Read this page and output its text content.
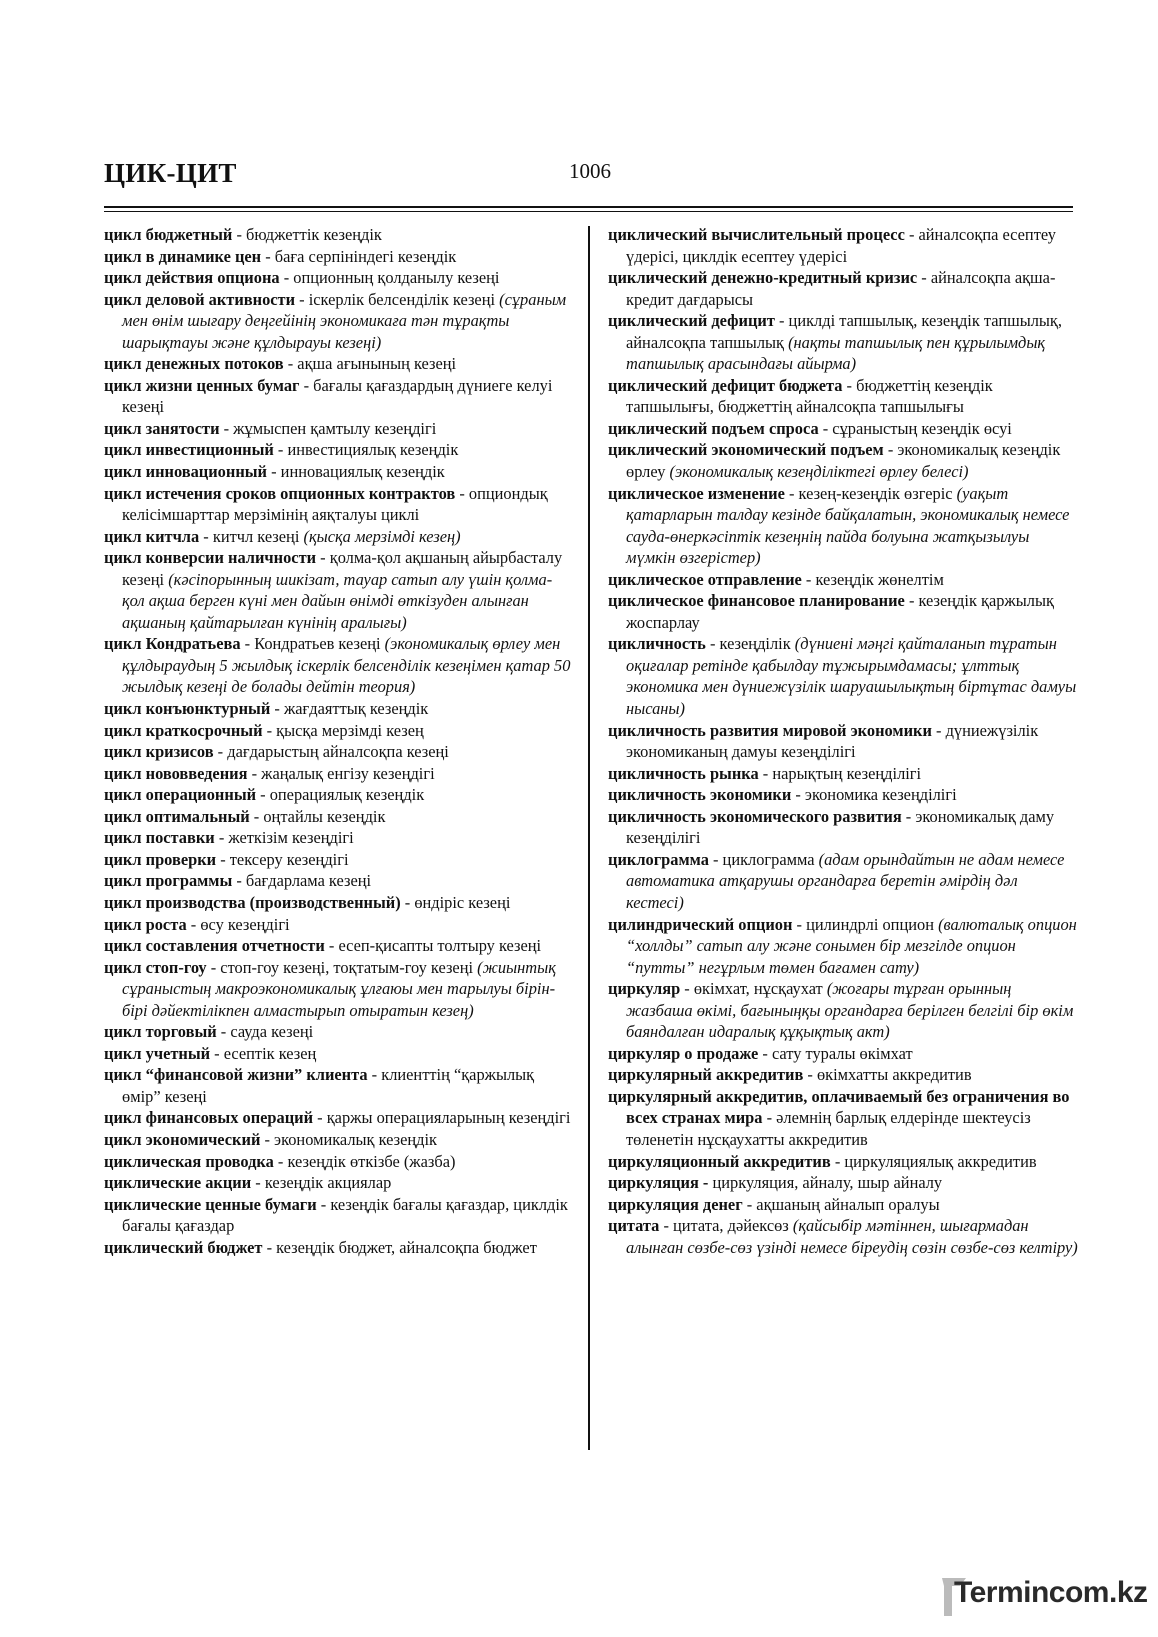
ЦИК-ЦИТ	1006

цикл бюджетный - бюджеттік кезеңдік

цикл в динамике цен - баға серпініндегі кезеңдік

цикл действия опциона - опционның қолданылу кезеңі

цикл деловой активности - іскерлік белсенділік кезеңі (сұраным мен өнім шығару деңгейінің экономикаға тән тұрақты шарықтауы және құлдырауы кезеңі)

цикл денежных потоков - ақша ағынының кезеңі

цикл жизни ценных бумаг - бағалы қағаздардың дүниеге келуі кезеңі

цикл занятости - жұмыспен қамтылу кезеңдігі

цикл инвестиционный - инвестициялық кезеңдік

цикл инновационный - инновациялық кезеңдік

цикл истечения сроков опционных контрактов - опциондық келісімшарттар мерзімінің аяқталуы циклі

цикл китчла - китчл кезеңі (қысқа мерзімді кезең)

цикл конверсии наличности - қолма-қол ақшаның айырбасталу кезеңі (кәсіпорынның шикізат, тауар сатып алу үшін қолма-қол ақша берген күні мен дайын өнімді өткізуден алынған ақшаның қайтарылған күнінің аралығы)

цикл Кондратьева - Кондратьев кезеңі (экономикалық өрлеу мен құлдыраудың 5 жылдық іскерлік белсенділік кезеңімен қатар 50 жылдық кезеңі де болады дейтін теория)

цикл конъюнктурный - жағдаяттық кезеңдік

цикл краткосрочный - қысқа мерзімді кезең

цикл кризисов - дағдарыстың айналсоқпа кезеңі

цикл нововведения - жаңалық енгізу кезеңдігі

цикл операционный - операциялық кезеңдік

цикл оптимальный - оңтайлы кезеңдік

цикл поставки - жеткізім кезеңдігі

цикл проверки - тексеру кезеңдігі

цикл программы - бағдарлама кезеңі

цикл производства (производственный) - өндіріс кезеңі

цикл роста - өсу кезеңдігі

цикл составления отчетности - есеп-қисапты толтыру кезеңі

цикл стоп-гоу - стоп-гоу кезеңі, тоқтатым-гоу кезеңі (жиынтық сұраныстың макроэкономикалық ұлғаюы мен тарылуы бірін-бірі дәйектілікпен алмастырып отыратын кезең)

цикл торговый - сауда кезеңі

цикл учетный - есептік кезең

цикл “финансовой жизни” клиента - клиенттің “қаржылық өмір” кезеңі

цикл финансовых операций - қаржы операцияларының кезеңдігі

цикл экономический - экономикалық кезеңдік

циклическая проводка - кезеңдік өткізбе (жазба)

циклические акции - кезеңдік акциялар

циклические ценные бумаги - кезеңдік бағалы қағаздар, циклдік бағалы қағаздар

циклический бюджет - кезеңдік бюджет, айналсоқпа бюджет

циклический вычислительный процесс - айналсоқпа есептеу үдерісі, циклдік есептеу үдерісі

циклический денежно-кредитный кризис - айналсоқпа ақша-кредит дағдарысы

циклический дефицит - циклді тапшылық, кезеңдік тапшылық, айналсоқпа тапшылық (нақты тапшылық пен құрылымдық тапшылық арасындағы айырма)

циклический дефицит бюджета - бюджеттің кезеңдік тапшылығы, бюджеттің айналсоқпа тапшылығы

циклический подъем спроса - сұраныстың кезеңдік өсуі

циклический экономический подъем - экономикалық кезеңдік өрлеу (экономикалық кезеңділіктегі өрлеу белесі)

циклическое изменение - кезең-кезеңдік өзгеріс (уақыт қатарларын талдау кезінде байқалатын, экономикалық немесе сауда-өнеркәсіптік кезеңнің пайда болуына жатқызылуы мүмкін өзгерістер)

циклическое отправление - кезеңдік жөнелтім

циклическое финансовое планирование - кезеңдік қаржылық жоспарлау

цикличность - кезеңділік (дүниені мәңгі қайталанып тұратын оқиғалар ретінде қабылдау тұжырымдамасы; ұлттық экономика мен дүниежүзілік шаруашылықтың біртұтас дамуы нысаны)

цикличность развития мировой экономики - дүниежүзілік экономиканың дамуы кезеңділігі

цикличность рынка - нарықтың кезеңділігі

цикличность экономики - экономика кезеңділігі

цикличность экономического развития - экономикалық даму кезеңділігі

циклограмма - циклограмма (адам орындайтын не адам немесе автоматика атқарушы органдарға беретін әмірдің дәл кестесі)

цилиндрический опцион - цилиндрлі опцион (валюталық опцион “холлды” сатып алу және сонымен бір мезгілде опцион “путты” негұрлым төмен бағамен сату)

циркуляр - өкімхат, нұсқаухат (жоғары тұрған орынның жазбаша өкімі, бағыныңқы органдарға берілген белгілі бір өкім баяндалған идаралық құқықтық акт)

циркуляр о продаже - сату туралы өкімхат

циркулярный аккредитив - өкімхатты аккредитив

циркулярный аккредитив, оплачиваемый без ограничения во всех странах мира - әлемнің барлық елдерінде шектеусіз төленетін нұсқаухатты аккредитив

циркуляционный аккредитив - циркуляциялық аккредитив

циркуляция - циркуляция, айналу, шыр айналу

циркуляция денег - ақшаның айналып оралуы

цитата - цитата, дәйексөз (қайсыбір мәтіннен, шығармадан алынған сөзбе-сөз үзінді немесе біреудің сөзін сөзбе-сөз келтіру)

Termincom.kz
